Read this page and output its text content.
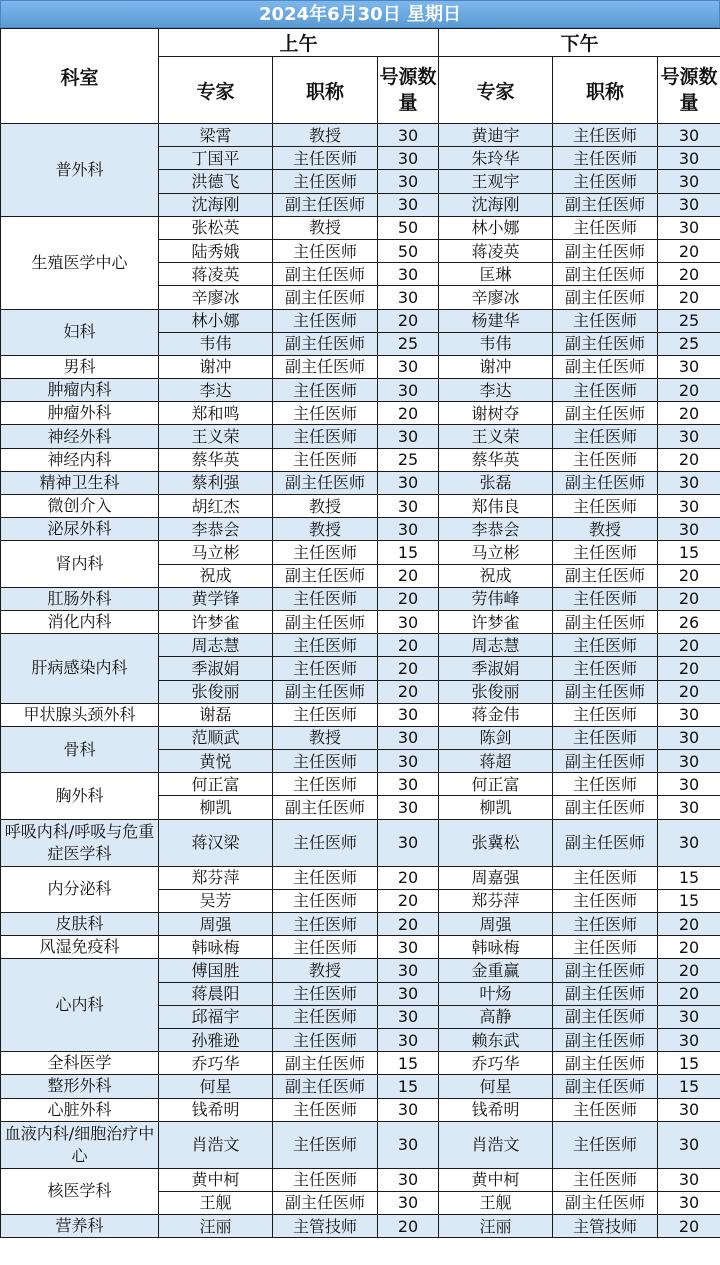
2024年6月30日 星期日
科室	上午			下午		
	专家	职称	号源数量	专家	职称	号源数量
普外科	梁霄	教授	30	黄迪宇	主任医师	30
	丁国平	主任医师	30	朱玲华	主任医师	30
	洪德飞	主任医师	30	王观宇	主任医师	30
	沈海刚	副主任医师	30	沈海刚	副主任医师	30
生殖医学中心	张松英	教授	50	林小娜	主任医师	30
	陆秀娥	主任医师	50	蒋凌英	副主任医师	20
	蒋凌英	副主任医师	30	匡琳	副主任医师	20
	辛廖冰	副主任医师	30	辛廖冰	副主任医师	20
妇科	林小娜	主任医师	20	杨建华	主任医师	25
	韦伟	副主任医师	25	韦伟	副主任医师	25
男科	谢冲	副主任医师	30	谢冲	副主任医师	30
肿瘤内科	李达	主任医师	30	李达	主任医师	20
肿瘤外科	郑和鸣	主任医师	20	谢树夺	副主任医师	20
神经外科	王义荣	主任医师	30	王义荣	主任医师	30
神经内科	蔡华英	主任医师	25	蔡华英	主任医师	20
精神卫生科	蔡利强	副主任医师	30	张磊	副主任医师	30
微创介入	胡红杰	教授	30	郑伟良	主任医师	30
泌尿外科	李恭会	教授	30	李恭会	教授	30
肾内科	马立彬	主任医师	15	马立彬	主任医师	15
	祝成	副主任医师	20	祝成	副主任医师	20
肛肠外科	黄学锋	主任医师	20	劳伟峰	主任医师	20
消化内科	许梦雀	副主任医师	30	许梦雀	副主任医师	26
肝病感染内科	周志慧	主任医师	20	周志慧	主任医师	20
	季淑娟	主任医师	20	季淑娟	主任医师	20
	张俊丽	副主任医师	20	张俊丽	副主任医师	20
甲状腺头颈外科	谢磊	主任医师	30	蒋金伟	主任医师	30
骨科	范顺武	教授	30	陈剑	主任医师	30
	黄悦	主任医师	30	蒋超	副主任医师	30
胸外科	何正富	主任医师	30	何正富	主任医师	30
	柳凯	副主任医师	30	柳凯	副主任医师	30
呼吸内科/呼吸与危重症医学科	蒋汉梁	主任医师	30	张冀松	副主任医师	30
内分泌科	郑芬萍	主任医师	20	周嘉强	主任医师	15
	吴芳	主任医师	20	郑芬萍	主任医师	15
皮肤科	周强	主任医师	20	周强	主任医师	20
风湿免疫科	韩咏梅	主任医师	30	韩咏梅	主任医师	20
心内科	傅国胜	教授	30	金重赢	副主任医师	20
	蒋晨阳	主任医师	30	叶炀	副主任医师	20
	邱福宇	主任医师	30	高静	副主任医师	30
	孙雅逊	主任医师	30	赖东武	副主任医师	30
全科医学	乔巧华	副主任医师	15	乔巧华	副主任医师	15
整形外科	何星	副主任医师	15	何星	副主任医师	15
心脏外科	钱希明	主任医师	30	钱希明	主任医师	30
血液内科/细胞治疗中心	肖浩文	主任医师	30	肖浩文	主任医师	30
核医学科	黄中柯	主任医师	30	黄中柯	主任医师	30
	王舰	副主任医师	30	王舰	副主任医师	30
营养科	汪丽	主管技师	20	汪丽	主管技师	20
